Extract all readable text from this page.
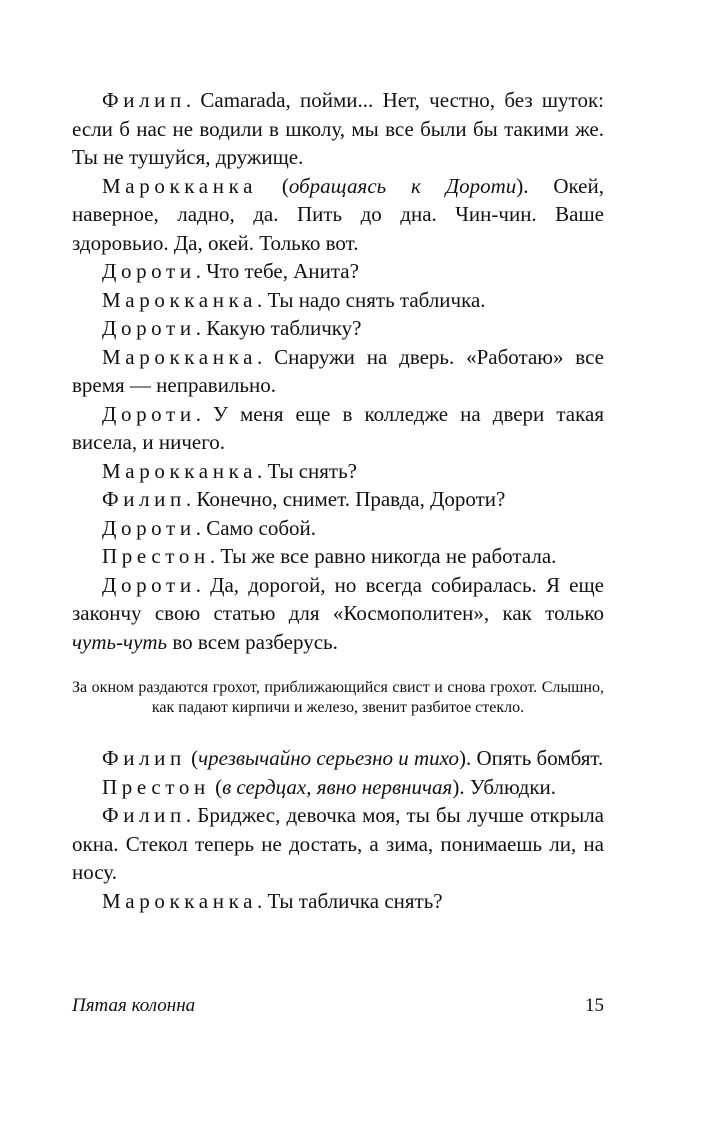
Филип. Camarada, пойми... Нет, честно, без шуток: если б нас не водили в школу, мы все были бы такими же. Ты не тушуйся, дружище.

Марокканка (обращаясь к Дороти). Окей, наверное, ладно, да. Пить до дна. Чин-чин. Ваше здоровьио. Да, окей. Только вот.

Дороти. Что тебе, Анита?

Марокканка. Ты надо снять табличка.

Дороти. Какую табличку?

Марокканка. Снаружи на дверь. «Работаю» все время — неправильно.

Дороти. У меня еще в колледже на двери такая висела, и ничего.

Марокканка. Ты снять?

Филип. Конечно, снимет. Правда, Дороти?

Дороти. Само собой.

Престон. Ты же все равно никогда не работала.

Дороти. Да, дорогой, но всегда собиралась. Я еще закончу свою статью для «Космополитен», как только чуть-чуть во всем разберусь.

За окном раздаются грохот, приближающийся свист и снова грохот. Слышно, как падают кирпичи и железо, звенит разбитое стекло.

Филип (чрезвычайно серьезно и тихо). Опять бомбят.

Престон (в сердцах, явно нервничая). Ублюдки.

Филип. Бриджес, девочка моя, ты бы лучше открыла окна. Стекол теперь не достать, а зима, понимаешь ли, на носу.

Марокканка. Ты табличка снять?

Пятая колонна	15
